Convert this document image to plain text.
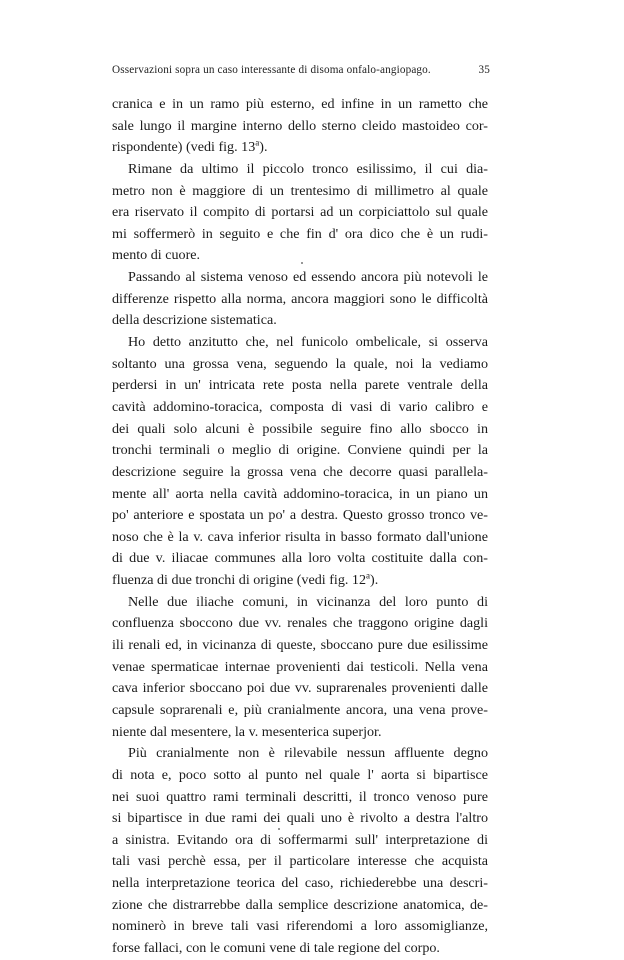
Osservazioni sopra un caso interessante di disoma onfalo-angiopago.	35
cranica e in un ramo più esterno, ed infine in un rametto che
sale lungo il margine interno dello sterno cleido mastoideo cor-
rispondente) (vedi fig. 13$^a$).
Rimane da ultimo il piccolo tronco esilissimo, il cui dia-
metro non è maggiore di un trentesimo di millimetro al quale
era riservato il compito di portarsi ad un corpiciattolo sul quale
mi soffermerò in seguito e che fin d' ora dico che è un rudi-
mento di cuore.
Passando al sistema venoso ed essendo ancora più notevoli le
differenze rispetto alla norma, ancora maggiori sono le difficoltà
della descrizione sistematica.
Ho detto anzitutto che, nel funicolo ombelicale, si osserva
soltanto una grossa vena, seguendo la quale, noi la vediamo
perdersi in un' intricata rete posta nella parete ventrale della
cavità addomino-toracica, composta di vasi di vario calibro e
dei quali solo alcuni è possibile seguire fino allo sbocco in
tronchi terminali o meglio di origine. Conviene quindi per la
descrizione seguire la grossa vena che decorre quasi parallela-
mente all' aorta nella cavità addomino-toracica, in un piano un
po' anteriore e spostata un po' a destra. Questo grosso tronco ve-
noso che è la v. cava inferior risulta in basso formato dall'unione
di due v. iliacae communes alla loro volta costituite dalla con-
fluenza di due tronchi di origine (vedi fig. 12$^a$).
Nelle due iliache comuni, in vicinanza del loro punto di
confluenza sboccono due vv. renales che traggono origine dagli
ili renali ed, in vicinanza di queste, sboccano pure due esilissime
venae spermaticae internae provenienti dai testicoli. Nella vena
cava inferior sboccano poi due vv. suprarenales provenienti dalle
capsule soprarenali e, più cranialmente ancora, una vena prove-
niente dal mesentere, la v. mesenterica superjor.
Più cranialmente non è rilevabile nessun affluente degno
di nota e, poco sotto al punto nel quale l' aorta si bipartisce
nei suoi quattro rami terminali descritti, il tronco venoso pure
si bipartisce in due rami dei quali uno è rivolto a destra l'altro
a sinistra. Evitando ora di soffermarmi sull' interpretazione di
tali vasi perchè essa, per il particolare interesse che acquista
nella interpretazione teorica del caso, richiederebbe una descri-
zione che distrarrebbe dalla semplice descrizione anatomica, de-
nominerò in breve tali vasi riferendomi a loro assomiglianze,
forse fallaci, con le comuni vene di tale regione del corpo.
